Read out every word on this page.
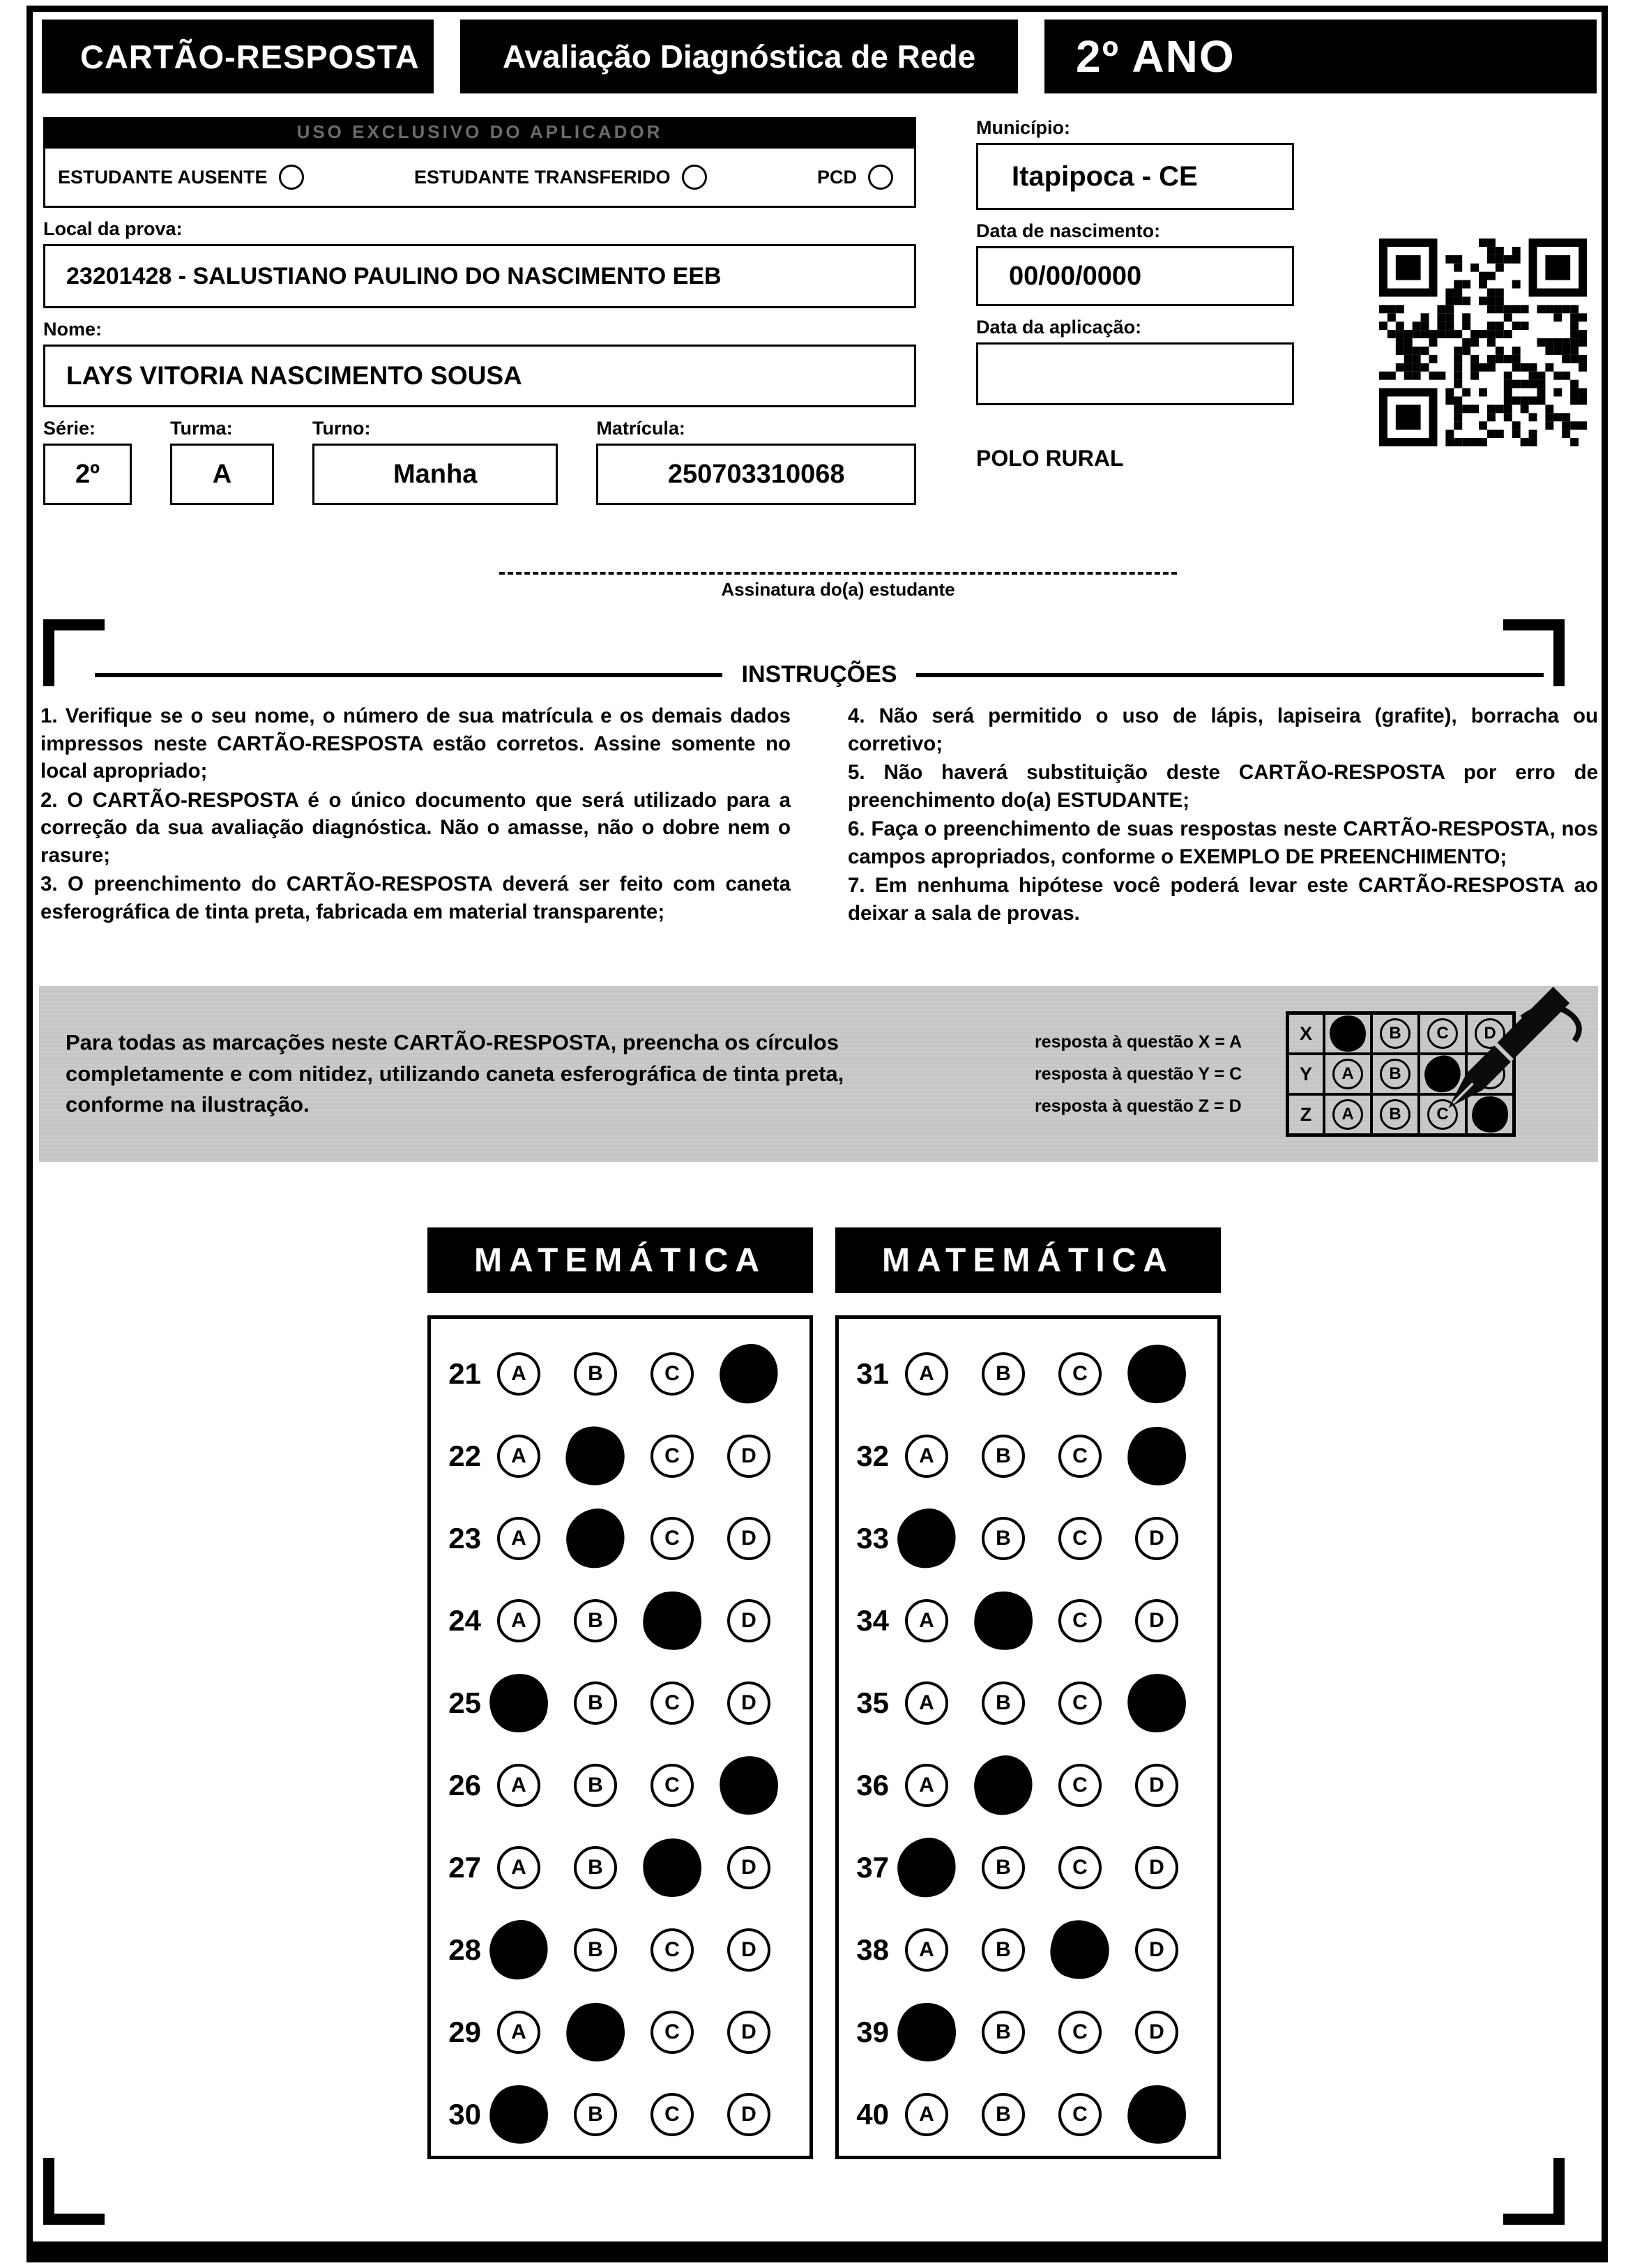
CARTÃO-RESPOSTA	Avaliação Diagnóstica de Rede	2º ANO
USO EXCLUSIVO DO APLICADOR
ESTUDANTE AUSENTE	ESTUDANTE TRANSFERIDO	PCD
Local da prova:
23201428 - SALUSTIANO PAULINO DO NASCIMENTO EEB
Nome:
LAYS VITORIA NASCIMENTO SOUSA
Série:
2º
Turma:
A
Turno:
Manha
Matrícula:
250703310068
Município:
Itapipoca - CE
Data de nascimento:
00/00/0000
Data da aplicação:
POLO RURAL
Assinatura do(a) estudante
INSTRUÇÕES

1. Verifique se o seu nome, o número de sua matrícula e os demais dados impressos neste CARTÃO-RESPOSTA estão corretos. Assine somente no local apropriado;

2. O CARTÃO-RESPOSTA é o único documento que será utilizado para a correção da sua avaliação diagnóstica. Não o amasse, não o dobre nem o rasure;

3. O preenchimento do CARTÃO-RESPOSTA deverá ser feito com caneta esferográfica de tinta preta, fabricada em material transparente;

4. Não será permitido o uso de lápis, lapiseira (grafite), borracha ou corretivo;

5. Não haverá substituição deste CARTÃO-RESPOSTA por erro de preenchimento do(a) ESTUDANTE;

6. Faça o preenchimento de suas respostas neste CARTÃO-RESPOSTA, nos campos apropriados, conforme o EXEMPLO DE PREENCHIMENTO;

7. Em nenhuma hipótese você poderá levar este CARTÃO-RESPOSTA ao deixar a sala de provas.

Para todas as marcações neste CARTÃO-RESPOSTA, preencha os círculos completamente e com nitidez, utilizando caneta esferográfica de tinta preta, conforme na ilustração.
resposta à questão X = A
resposta à questão Y = C
resposta à questão Z = D
X	B	C	D
Y	A	B
Z	A	B	C
MATEMÁTICA	MATEMÁTICA
21	A	B	C
22	A	C	D
23	A	C	D
24	A	B	D
25	B	C	D
26	A	B	C
27	A	B	D
28	B	C	D
29	A	C	D
30	B	C	D
31	A	B	C
32	A	B	C
33	B	C	D
34	A	C	D
35	A	B	C
36	A	C	D
37	B	C	D
38	A	B	D
39	B	C	D
40	A	B	C
